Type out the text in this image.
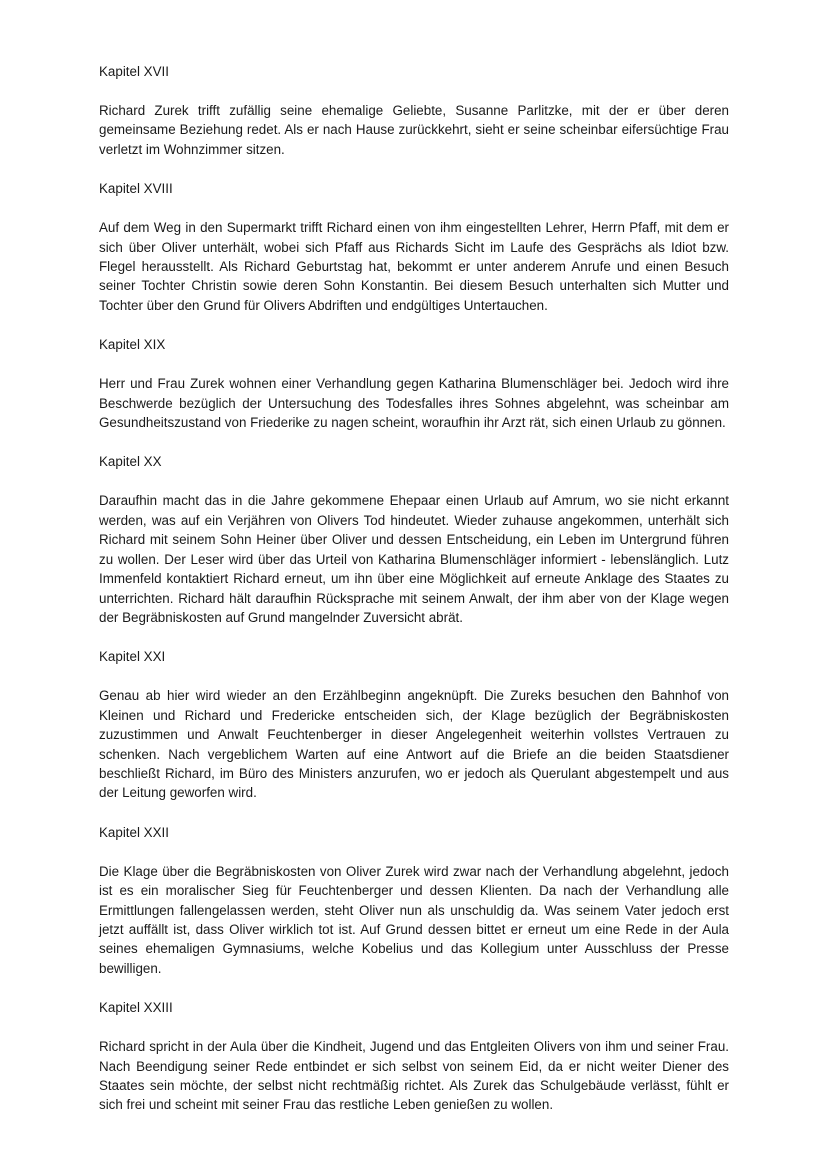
Kapitel XVII

Richard Zurek trifft zufällig seine ehemalige Geliebte, Susanne Parlitzke, mit der er über deren gemeinsame Beziehung redet. Als er nach Hause zurückkehrt, sieht er seine scheinbar eifersüchtige Frau verletzt im Wohnzimmer sitzen.

Kapitel XVIII

Auf dem Weg in den Supermarkt trifft Richard einen von ihm eingestellten Lehrer, Herrn Pfaff, mit dem er sich über Oliver unterhält, wobei sich Pfaff aus Richards Sicht im Laufe des Gesprächs als Idiot bzw. Flegel herausstellt. Als Richard Geburtstag hat, bekommt er unter anderem Anrufe und einen Besuch seiner Tochter Christin sowie deren Sohn Konstantin. Bei diesem Besuch unterhalten sich Mutter und Tochter über den Grund für Olivers Abdriften und endgültiges Untertauchen.

Kapitel XIX

Herr und Frau Zurek wohnen einer Verhandlung gegen Katharina Blumenschläger bei. Jedoch wird ihre Beschwerde bezüglich der Untersuchung des Todesfalles ihres Sohnes abgelehnt, was scheinbar am Gesundheitszustand von Friederike zu nagen scheint, woraufhin ihr Arzt rät, sich einen Urlaub zu gönnen.

Kapitel XX

Daraufhin macht das in die Jahre gekommene Ehepaar einen Urlaub auf Amrum, wo sie nicht erkannt werden, was auf ein Verjähren von Olivers Tod hindeutet. Wieder zuhause angekommen, unterhält sich Richard mit seinem Sohn Heiner über Oliver und dessen Entscheidung, ein Leben im Untergrund führen zu wollen. Der Leser wird über das Urteil von Katharina Blumenschläger informiert - lebenslänglich. Lutz Immenfeld kontaktiert Richard erneut, um ihn über eine Möglichkeit auf erneute Anklage des Staates zu unterrichten. Richard hält daraufhin Rücksprache mit seinem Anwalt, der ihm aber von der Klage wegen der Begräbniskosten auf Grund mangelnder Zuversicht abrät.

Kapitel XXI

Genau ab hier wird wieder an den Erzählbeginn angeknüpft. Die Zureks besuchen den Bahnhof von Kleinen und Richard und Fredericke entscheiden sich, der Klage bezüglich der Begräbniskosten zuzustimmen und Anwalt Feuchtenberger in dieser Angelegenheit weiterhin vollstes Vertrauen zu schenken. Nach vergeblichem Warten auf eine Antwort auf die Briefe an die beiden Staatsdiener beschließt Richard, im Büro des Ministers anzurufen, wo er jedoch als Querulant abgestempelt und aus der Leitung geworfen wird.

Kapitel XXII

Die Klage über die Begräbniskosten von Oliver Zurek wird zwar nach der Verhandlung abgelehnt, jedoch ist es ein moralischer Sieg für Feuchtenberger und dessen Klienten. Da nach der Verhandlung alle Ermittlungen fallengelassen werden, steht Oliver nun als unschuldig da. Was seinem Vater jedoch erst jetzt auffällt ist, dass Oliver wirklich tot ist. Auf Grund dessen bittet er erneut um eine Rede in der Aula seines ehemaligen Gymnasiums, welche Kobelius und das Kollegium unter Ausschluss der Presse bewilligen.

Kapitel XXIII

Richard spricht in der Aula über die Kindheit, Jugend und das Entgleiten Olivers von ihm und seiner Frau. Nach Beendigung seiner Rede entbindet er sich selbst von seinem Eid, da er nicht weiter Diener des Staates sein möchte, der selbst nicht rechtmäßig richtet. Als Zurek das Schulgebäude verlässt, fühlt er sich frei und scheint mit seiner Frau das restliche Leben genießen zu wollen.
